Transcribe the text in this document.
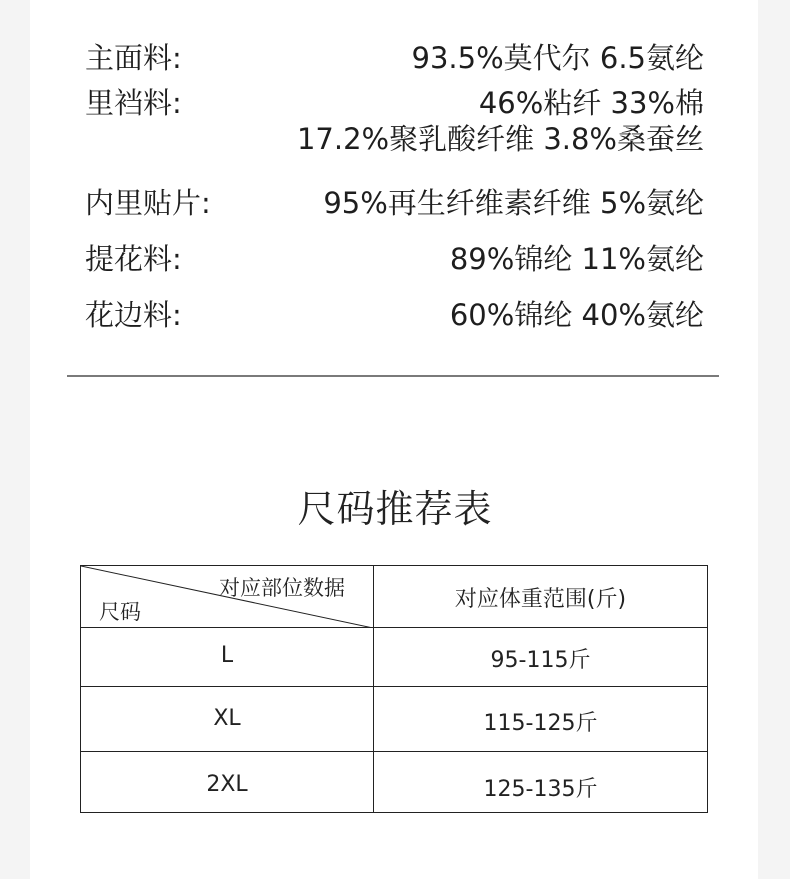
主面料:	93.5%莫代尔 6.5氨纶
里裆料:	46%粘纤 33%棉
17.2%聚乳酸纤维 3.8%桑蚕丝
内里贴片:	95%再生纤维素纤维 5%氨纶
提花料:	89%锦纶 11%氨纶
花边料:	60%锦纶 40%氨纶
尺码推荐表
对应部位数据
尺码	对应体重范围(斤)
L	95-115斤
XL	115-125斤
2XL	125-135斤
